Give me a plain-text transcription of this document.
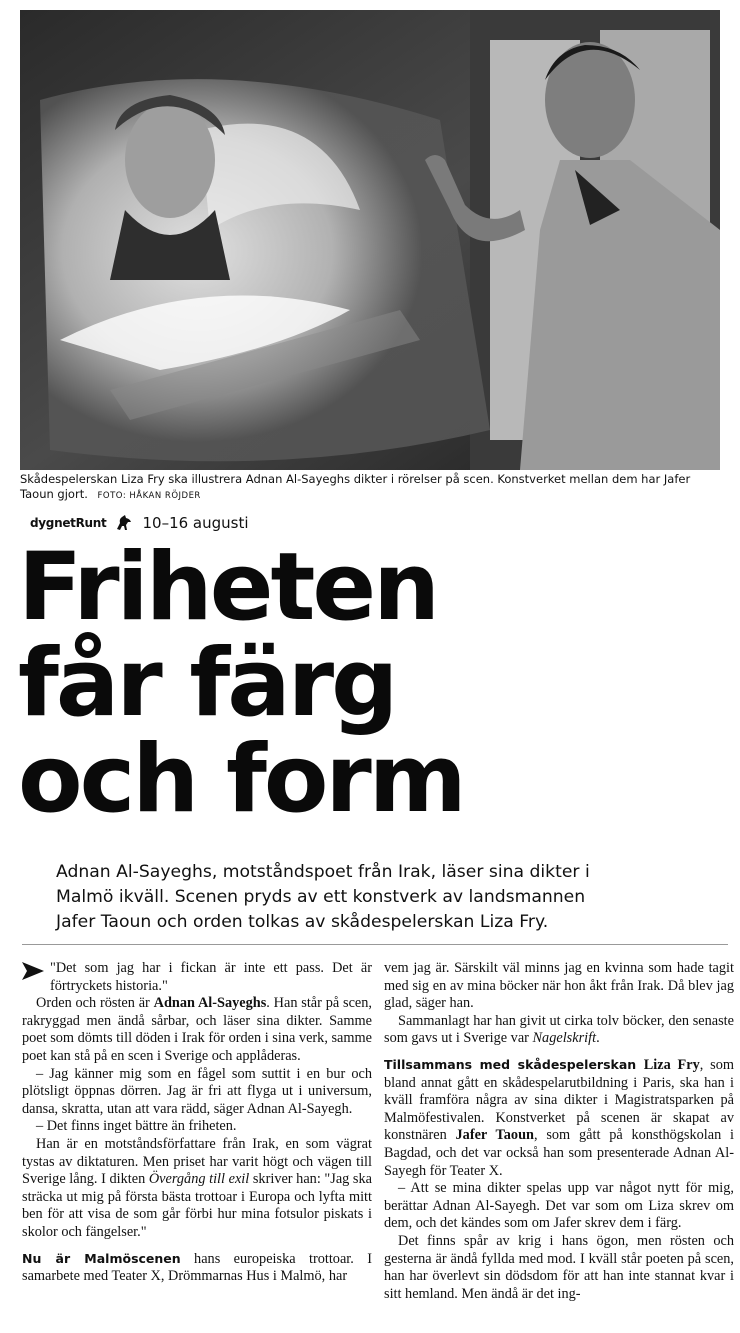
Skådespelerskan Liza Fry ska illustrera Adnan Al-Sayeghs dikter i rörelser på scen. Konstverket mellan dem har Jafer Taoun gjort. FOTO: HÅKAN RÖJDER
dygnetRunt 10–16 augusti
Friheten
får färg
och form
Adnan Al-Sayeghs, motståndspoet från Irak, läser sina dikter i Malmö ikväll. Scenen pryds av ett konstverk av landsmannen Jafer Taoun och orden tolkas av skådespelerskan Liza Fry.

"Det som jag har i fickan är inte ett pass. Det är förtryckets historia."

Orden och rösten är Adnan Al-Sayeghs. Han står på scen, rakryggad men ändå sårbar, och läser sina dikter. Samme poet som dömts till döden i Irak för orden i sina verk, samme poet kan stå på en scen i Sverige och applåderas.

– Jag känner mig som en fågel som suttit i en bur och plötsligt öppnas dörren. Jag är fri att flyga ut i universum, dansa, skratta, utan att vara rädd, säger Adnan Al-Sayegh.

– Det finns inget bättre än friheten.

Han är en motståndsförfattare från Irak, en som vägrat tystas av diktaturen. Men priset har varit högt och vägen till Sverige lång. I dikten Övergång till exil skriver han: "Jag ska sträcka ut mig på första bästa trottoar i Europa och lyfta mitt ben för att visa de som går förbi hur mina fotsulor piskats i skolor och fängelser."

Nu är Malmöscenen hans europeiska trottoar. I samarbete med Teater X, Drömmarnas Hus i Malmö, har

vem jag är. Särskilt väl minns jag en kvinna som hade tagit med sig en av mina böcker när hon åkt från Irak. Då blev jag glad, säger han.

Sammanlagt har han givit ut cirka tolv böcker, den senaste som gavs ut i Sverige var Nagelskrift.

Tillsammans med skådespelerskan Liza Fry, som bland annat gått en skådespelarutbildning i Paris, ska han i kväll framföra några av sina dikter i Magistratsparken på Malmöfestivalen. Konstverket på scenen är skapat av konstnären Jafer Taoun, som gått på konsthögskolan i Bagdad, och det var också han som presenterade Adnan Al-Sayegh för Teater X.

– Att se mina dikter spelas upp var något nytt för mig, berättar Adnan Al-Sayegh. Det var som om Liza skrev om dem, och det kändes som om Jafer skrev dem i färg.

Det finns spår av krig i hans ögon, men rösten och gesterna är ändå fyllda med mod. I kväll står poeten på scen, han har överlevt sin dödsdom för att han inte stannat kvar i sitt hemland. Men ändå är det ing-
